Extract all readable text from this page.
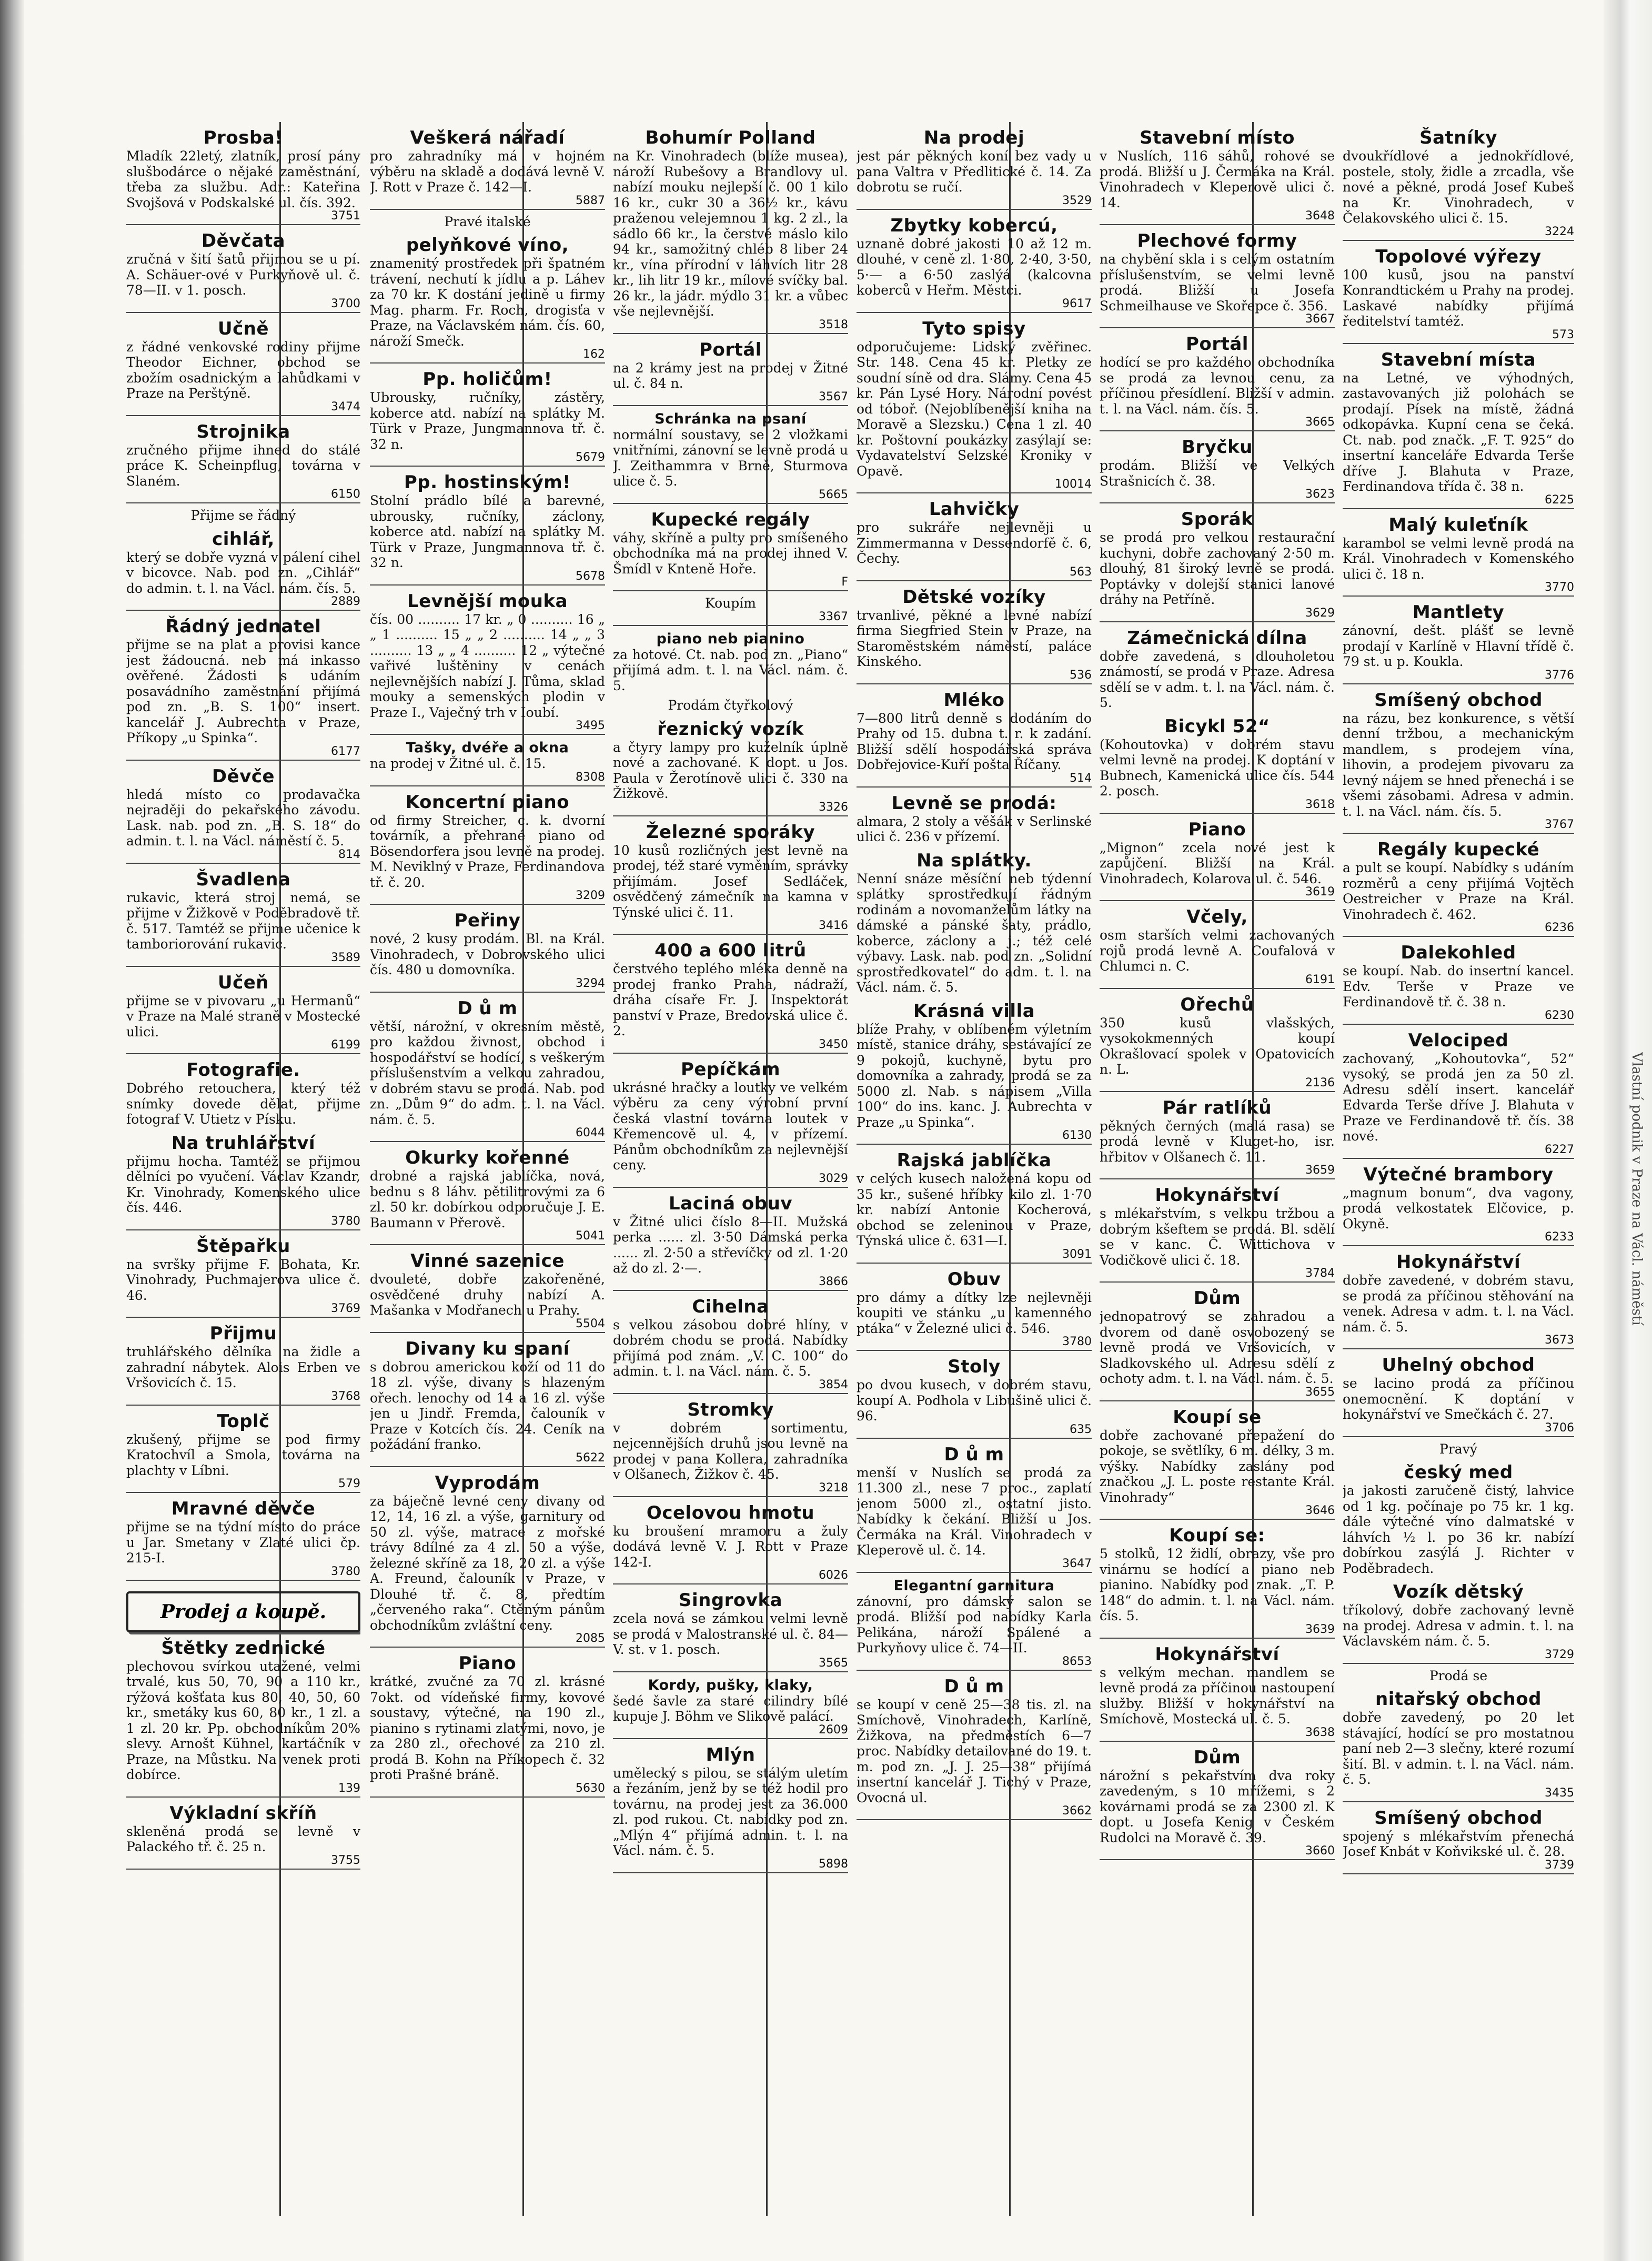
Vlastní podnik v Praze na Václ. náměstí
Prosba!
Mladík 22letý, zlatník, prosí pány slušbodárce o nějaké zaměstnání, třeba za službu. Adr.: Kateřina Svojšová v Podskalské ul. čís. 392.
3751
Děvčata
zručná v šití šatů přijmou se u pí. A. Schäuer-ové v Purkyňově ul. č. 78—II. v 1. posch.
3700
Učně
z řádné venkovské rodiny přijme Theodor Eichner, obchod se zbožím osadnickým a lahůdkami v Praze na Perštýně.
3474
Strojnika
zručného přijme ihned do stálé práce K. Scheinpflug, továrna v Slaném.
6150
Přijme se řádný
cihlář,
který se dobře vyzná v pálení cihel v bicovce. Nab. pod zn. „Cihlář“ do admin. t. l. na Václ. nám. čís. 5.
2889
Řádný jednatel
přijme se na plat a provisi kance jest žádoucná. neb má inkasso ověřené. Žádosti s udáním posavádního zaměstnání přijímá pod zn. „B. S. 100“ insert. kancelář J. Aubrechta v Praze, Příkopy „u Spinka“.
6177
Děvče
hledá místo co prodavačka nejraději do pekařského závodu. Lask. nab. pod zn. „B. S. 18“ do admin. t. l. na Václ. náměstí č. 5.
814
Švadlena
rukavic, která stroj nemá, se přijme v Žižkově v Poděbradově tř. č. 517. Tamtéž se přijme učenice k tamboriorování rukavic.
3589
Učeň
přijme se v pivovaru „u Hermanů“ v Praze na Malé straně v Mostecké ulici.
6199
Fotografie.
Dobrého retouchera, který též snímky dovede dělat, přijme fotograf V. Utietz v Písku.
Na truhlářství
přijmu hocha. Tamtéž se přijmou dělníci po vyučení. Václav Kzandr, Kr. Vinohrady, Komenského ulice čís. 446.
3780
Štěpařku
na svršky přijme F. Bohata, Kr. Vinohrady, Puchmajerova ulice č. 46.
3769
Přijmu
truhlářského dělníka na židle a zahradní nábytek. Alois Erben ve Vršovicích č. 15.
3768
Toplč
zkušený, přijme se pod firmy Kratochvíl a Smola, továrna na plachty v Líbni.
579
Mravné děvče
přijme se na týdní místo do práce u Jar. Smetany v Zlaté ulici čp. 215-I.
3780
Prodej a koupě.
Štětky zednické
plechovou svírkou utažené, velmi trvalé, kus 50, 70, 90 a 110 kr., rýžová košťata kus 80, 40, 50, 60 kr., smetáky kus 60, 80 kr., 1 zl. a 1 zl. 20 kr. Pp. obchodníkům 20% slevy. Arnošt Kühnel, kartáčník v Praze, na Můstku. Na venek proti dobírce.
139
Výkladní skříň
skleněná prodá se levně v Palackého tř. č. 25 n.
3755
Veškerá nářadí
pro zahradníky má v hojném výběru na skladě a dodává levně V. J. Rott v Praze č. 142—I.
5887
Pravé italské
pelyňkové víno,
znamenitý prostředek při špatném trávení, nechutí k jídlu a p. Láhev za 70 kr. K dostání jedině u firmy Mag. pharm. Fr. Roch, drogisťa v Praze, na Václavském nám. čís. 60, nároží Smečk.
162
Pp. holičům!
Ubrousky, ručníky, zástěry, koberce atd. nabízí na splátky M. Türk v Praze, Jungmannova tř. č. 32 n.
5679
Pp. hostinským!
Stolní prádlo bílé a barevné, ubrousky, ručníky, záclony, koberce atd. nabízí na splátky M. Türk v Praze, Jungmannova tř. č. 32 n.
5678
Levnější mouka
čís. 00 .......... 17 kr. „ 0 .......... 16 „ „ 1 .......... 15 „ „ 2 .......... 14 „ „ 3 .......... 13 „ „ 4 .......... 12 „ výtečné vařivé luštěniny v cenách nejlevnějších nabízí J. Tůma, sklad mouky a semenských plodin v Praze I., Vaječný trh v Ioubí.
3495
Tašky, dvéře a okna
na prodej v Žitné ul. č. 15.
8308
Koncertní piano
od firmy Streicher, c. k. dvorní továrník, a přehrané piano od Bösendorfera jsou levně na prodej. M. Neviklný v Praze, Ferdinandova tř. č. 20.
3209
Peřiny
nové, 2 kusy prodám. Bl. na Král. Vinohradech, v Dobrovského ulici čís. 480 u domovníka.
3294
D ů m
větší, nárožní, v okresním městě, pro každou živnost, obchod i hospodářství se hodící, s veškerým příslušenstvím a velkou zahradou, v dobrém stavu se prodá. Nab. pod zn. „Dům 9“ do adm. t. l. na Václ. nám. č. 5.
6044
Okurky kořenné
drobné a rajská jablíčka, nová, bednu s 8 láhv. pětilitrovými za 6 zl. 50 kr. dobírkou odporučuje J. E. Baumann v Přerově.
5041
Vinné sazenice
dvouleté, dobře zakořeněné, osvědčené druhy nabízí A. Mašanka v Modřanech u Prahy.
5504
Divany ku spaní
s dobrou americkou koží od 11 do 18 zl. výše, divany s hlazeným ořech. lenochy od 14 a 16 zl. výše jen u Jindř. Fremda, čalouník v Praze v Kotcích čís. 24. Ceník na požádání franko.
5622
Vyprodám
za báječně levné ceny divany od 12, 14, 16 zl. a výše, garnitury od 50 zl. výše, matrace z mořské trávy 8dílné za 4 zl. 50 a výše, železné skříně za 18, 20 zl. a výše A. Freund, čalouník v Praze, v Dlouhé tř. č. 8, předtím „červeného raka“. Ctěným pánům obchodníkům zvláštní ceny.
2085
Piano
krátké, zvučné za 70 zl. krásné 7okt. od vídeňské firmy, kovové soustavy, výtečné, na 190 zl., pianino s rytinami zlatými, novo, je za 280 zl., ořechové za 210 zl. prodá B. Kohn na Příkopech č. 32 proti Prašné bráně.
5630
Bohumír Polland
na Kr. Vinohradech (blíže musea), nároží Rubešovy a Brandlovy ul. nabízí mouku nejlepší č. 00 1 kilo 16 kr., cukr 30 a 36½ kr., kávu praženou velejemnou 1 kg. 2 zl., la sádlo 66 kr., la čerstvé máslo kilo 94 kr., samožitný chléb 8 liber 24 kr., vína přírodní v láhvích litr 28 kr., lih litr 19 kr., mílové svíčky bal. 26 kr., la jádr. mýdlo 31 kr. a vůbec vše nejlevnější.
3518
Portál
na 2 krámy jest na prodej v Žitné ul. č. 84 n.
3567
Schránka na psaní
normální soustavy, se 2 vložkami vnitřními, zánovní se levně prodá u J. Zeithammra v Brně, Sturmova ulice č. 5.
5665
Kupecké regály
váhy, skříně a pulty pro smíšeného obchodníka má na prodej ihned V. Šmídl v Knteně Hoře.
F
Koupím
3367
piano neb pianino
za hotové. Ct. nab. pod zn. „Piano“ přijímá adm. t. l. na Václ. nám. č. 5.
Prodám čtyřkolový
řeznický vozík
a čtyry lampy pro kuželník úplně nové a zachované. K dopt. u Jos. Paula v Žerotínově ulici č. 330 na Žižkově.
3326
Železné sporáky
10 kusů rozličných jest levně na prodej, též staré vyměním, správky přijímám. Josef Sedláček, osvědčený zámečník na kamna v Týnské ulici č. 11.
3416
400 a 600 litrů
čerstvého teplého mléka denně na prodej franko Praha, nádraží, dráha císaře Fr. J. Inspektorát panství v Praze, Bredovská ulice č. 2.
3450
Pepíčkám
ukrásné hračky a loutky ve velkém výběru za ceny výrobní první česká vlastní továrna loutek v Křemencově ul. 4, v přízemí. Pánům obchodníkům za nejlevnější ceny.
3029
Laciná obuv
v Žitné ulici číslo 8—II. Mužská perka ...... zl. 3·50 Dámská perka ...... zl. 2·50 a střevíčky od zl. 1·20 až do zl. 2·—.
3866
Cihelna
s velkou zásobou dobré hlíny, v dobrém chodu se prodá. Nabídky přijímá pod znám. „V. C. 100“ do admin. t. l. na Václ. nám. č. 5.
3854
Stromky
v dobrém sortimentu, nejcennějších druhů jsou levně na prodej v pana Kollera, zahradníka v Olšanech, Žižkov č. 45.
3218
Ocelovou hmotu
ku broušení mramoru a žuly dodává levně V. J. Rott v Praze 142-I.
6026
Singrovka
zcela nová se zámkou velmi levně se prodá v Malostranské ul. č. 84—V. st. v 1. posch.
3565
Kordy, pušky, klaky,
šedé šavle za staré cilindry bílé kupuje J. Böhm ve Slikově palácí.
2609
Mlýn
umělecký s pilou, se stálým uletím a řezáním, jenž by se též hodil pro továrnu, na prodej jest za 36.000 zl. pod rukou. Ct. nabídky pod zn. „Mlýn 4“ přijímá admin. t. l. na Václ. nám. č. 5.
5898
Na prodej
jest pár pěkných koní bez vady u pana Valtra v Předlitické č. 14. Za dobrotu se ručí.
3529
Zbytky kobercú,
uznaně dobré jakosti 10 až 12 m. dlouhé, v ceně zl. 1·80, 2·40, 3·50, 5·— a 6·50 zaslýá (kalcovna koberců v Heřm. Městci.
9617
Tyto spisy
odporučujeme: Lidský zvěřinec. Str. 148. Cena 45 kr. Pletky ze soudní síně od dra. Slámy. Cena 45 kr. Pán Lysé Hory. Národní povést od tóboř. (Nejoblíbenější kniha na Moravě a Slezsku.) Cena 1 zl. 40 kr. Poštovní poukázky zasýlají se: Vydavatelství Selzské Kroniky v Opavě.
10014
Lahvičky
pro sukráře nejlevněji u Zimmermanna v Dessendorfě č. 6, Čechy.
563
Dětské vozíky
trvanlivé, pěkné a levné nabízí firma Siegfried Stein v Praze, na Staroměstském náměstí, paláce Kinského.
536
Mléko
7—800 litrů denně s dodáním do Prahy od 15. dubna t. r. k zadání. Bližší sdělí hospodářská správa Dobřejovice-Kuří pošta Říčany.
514
Levně se prodá:
almara, 2 stoly a věšák v Serlinské ulici č. 236 v přízemí.
Na splátky.
Nenní snáze měsíční neb týdenní splátky sprostředkují řádným rodinám a novomanželům látky na dámské a pánské šaty, prádlo, koberce, záclony a j.; též celé výbavy. Lask. nab. pod zn. „Solidní sprostředkovatel“ do adm. t. l. na Václ. nám. č. 5.
Krásná villa
blíže Prahy, v oblíbeném výletním místě, stanice dráhy, sestávající ze 9 pokojů, kuchyně, bytu pro domovníka a zahrady, prodá se za 5000 zl. Nab. s nápisem „Villa 100“ do ins. kanc. J. Aubrechta v Praze „u Spinka“.
6130
Rajská jablíčka
v celých kusech naložená kopu od 35 kr., sušené hříbky kilo zl. 1·70 kr. nabízí Antonie Kocherová, obchod se zeleninou v Praze, Týnská ulice č. 631—I.
3091
Obuv
pro dámy a dítky lze nejlevněji koupiti ve stánku „u kamenného ptáka“ v Železné ulici č. 546.
3780
Stoly
po dvou kusech, v dobrém stavu, koupí A. Podhola v Libušině ulici č. 96.
635
D ů m
menší v Nuslích se prodá za 11.300 zl., nese 7 proc., zaplatí jenom 5000 zl., ostatní jisto. Nabídky k čekání. Bližší u Jos. Čermáka na Král. Vinohradech v Kleperově ul. č. 14.
3647
Elegantní garnitura
zánovní, pro dámský salon se prodá. Bližší pod nabídky Karla Pelikána, nároží Spálené a Purkyňovy ulice č. 74—II.
8653
D ů m
se koupí v ceně 25—38 tis. zl. na Smíchově, Vinohradech, Karlíně, Žižkova, na předměstích 6—7 proc. Nabídky detailované do 19. t. m. pod zn. „J. J. 25—38“ přijímá insertní kancelář J. Tichý v Praze, Ovocná ul.
3662
Stavební místo
v Nuslích, 116 sáhů, rohové se prodá. Bližší u J. Čermáka na Král. Vinohradech v Kleperově ulici č. 14.
3648
Plechové formy
na chybění skla i s celým ostatním příslušenstvím, se velmi levně prodá. Bližší u Josefa Schmeilhause ve Skořepce č. 356.
3667
Portál
hodící se pro každého obchodníka se prodá za levnou cenu, za příčinou přesídlení. Bližší v admin. t. l. na Václ. nám. čís. 5.
3665
Bryčku
prodám. Bližší ve Velkých Strašnicích č. 38.
3623
Sporák
se prodá pro velkou restaurační kuchyni, dobře zachovaný 2·50 m. dlouhý, 81 široký levně se prodá. Poptávky v dolejší stanici lanové dráhy na Petříně.
3629
Zámečnická dílna
dobře zavedená, s dlouholetou známostí, se prodá v Praze. Adresa sdělí se v adm. t. l. na Václ. nám. č. 5.
Bicykl 52“
(Kohoutovka) v dobrém stavu velmi levně na prodej. K doptání v Bubnech, Kamenická ulice čís. 544 2. posch.
3618
Piano
„Mignon“ zcela nové jest k zapůjčení. Bližší na Král. Vinohradech, Kolarova ul. č. 546.
3619
Včely,
osm starších velmi zachovaných rojů prodá levně A. Coufalová v Chlumci n. C.
6191
Ořechů
350 kusů vlašských, vysokokmenných koupí Okrašlovací spolek v Opatovicích n. L.
2136
Pár ratlíků
pěkných černých (malá rasa) se prodá levně v Kluget-ho, isr. hřbitov v Olšanech č. 11.
3659
Hokynářství
s mlékařstvím, s velkou tržbou a dobrým kšeftem se prodá. Bl. sdělí se v kanc. Č. Wittichova v Vodičkově ulici č. 18.
3784
Dům
jednopatrový se zahradou a dvorem od daně osvobozený se levně prodá ve Vršovicích, v Sladkovského ul. Adresu sdělí z ochoty adm. t. l. na Václ. nám. č. 5.
3655
Koupí se
dobře zachované přepažení do pokoje, se světlíky, 6 m. délky, 3 m. výšky. Nabídky zaslány pod značkou „J. L. poste restante Král. Vinohrady“
3646
Koupí se:
5 stolků, 12 židlí, obrazy, vše pro vinárnu se hodící a piano neb pianino. Nabídky pod znak. „T. P. 148“ do admin. t. l. na Václ. nám. čís. 5.
3639
Hokynářství
s velkým mechan. mandlem se levně prodá za příčinou nastoupení služby. Bližší v hokynářství na Smíchově, Mostecká ul. č. 5.
3638
Dům
nárožní s pekařstvím dva roky zavedeným, s 10 mřížemi, s 2 kovárnami prodá se za 2300 zl. K dopt. u Josefa Kenig v Českém Rudolci na Moravě č. 39.
3660
Šatníky
dvoukřídlové a jednokřídlové, postele, stoly, židle a zrcadla, vše nové a pěkné, prodá Josef Kubeš na Kr. Vinohradech, v Čelakovského ulici č. 15.
3224
Topolové výřezy
100 kusů, jsou na panství Konrandtickém u Prahy na prodej. Laskavé nabídky přijímá ředitelství tamtéž.
573
Stavební místa
na Letné, ve výhodných, zastavovaných již polohách se prodají. Písek na místě, žádná odkopávka. Kupní cena se čeká. Ct. nab. pod značk. „F. T. 925“ do insertní kanceláře Edvarda Terše dříve J. Blahuta v Praze, Ferdinandova třída č. 38 n.
6225
Malý kuleťník
karambol se velmi levně prodá na Král. Vinohradech v Komenského ulici č. 18 n.
3770
Mantlety
zánovní, dešt. plášť se levně prodají v Karlíně v Hlavní třídě č. 79 st. u p. Koukla.
3776
Smíšený obchod
na rázu, bez konkurence, s větší denní tržbou, a mechanickým mandlem, s prodejem vína, lihovin, a prodejem pivovaru za levný nájem se hned přenechá i se všemi zásobami. Adresa v admin. t. l. na Václ. nám. čís. 5.
3767
Regály kupecké
a pult se koupí. Nabídky s udáním rozměrů a ceny přijímá Vojtěch Oestreicher v Praze na Král. Vinohradech č. 462.
6236
Dalekohled
se koupí. Nab. do insertní kancel. Edv. Terše v Praze ve Ferdinandově tř. č. 38 n.
6230
Velociped
zachovaný, „Kohoutovka“, 52“ vysoký, se prodá jen za 50 zl. Adresu sdělí insert. kancelář Edvarda Terše dříve J. Blahuta v Praze ve Ferdinandově tř. čís. 38 nové.
6227
Výtečné brambory
„magnum bonum“, dva vagony, prodá velkostatek Elčovice, p. Okyně.
6233
Hokynářství
dobře zavedené, v dobrém stavu, se prodá za příčinou stěhování na venek. Adresa v adm. t. l. na Václ. nám. č. 5.
3673
Uhelný obchod
se lacino prodá za příčinou onemocnění. K doptání v hokynářství ve Smečkách č. 27.
3706
Pravý
český med
ja jakosti zaručeně čistý, lahvice od 1 kg. počínaje po 75 kr. 1 kg. dále výtečné víno dalmatské v láhvích ½ l. po 36 kr. nabízí dobírkou zasýlá J. Richter v Poděbradech.
Vozík dětský
tříkolový, dobře zachovaný levně na prodej. Adresa v admin. t. l. na Václavském nám. č. 5.
3729
Prodá se
nitařský obchod
dobře zavedený, po 20 let stávající, hodící se pro mostatnou paní neb 2—3 slečny, které rozumí šití. Bl. v admin. t. l. na Václ. nám. č. 5.
3435
Smíšený obchod
spojený s mlékařstvím přenechá Josef Knbát v Koňvikské ul. č. 28.
3739
